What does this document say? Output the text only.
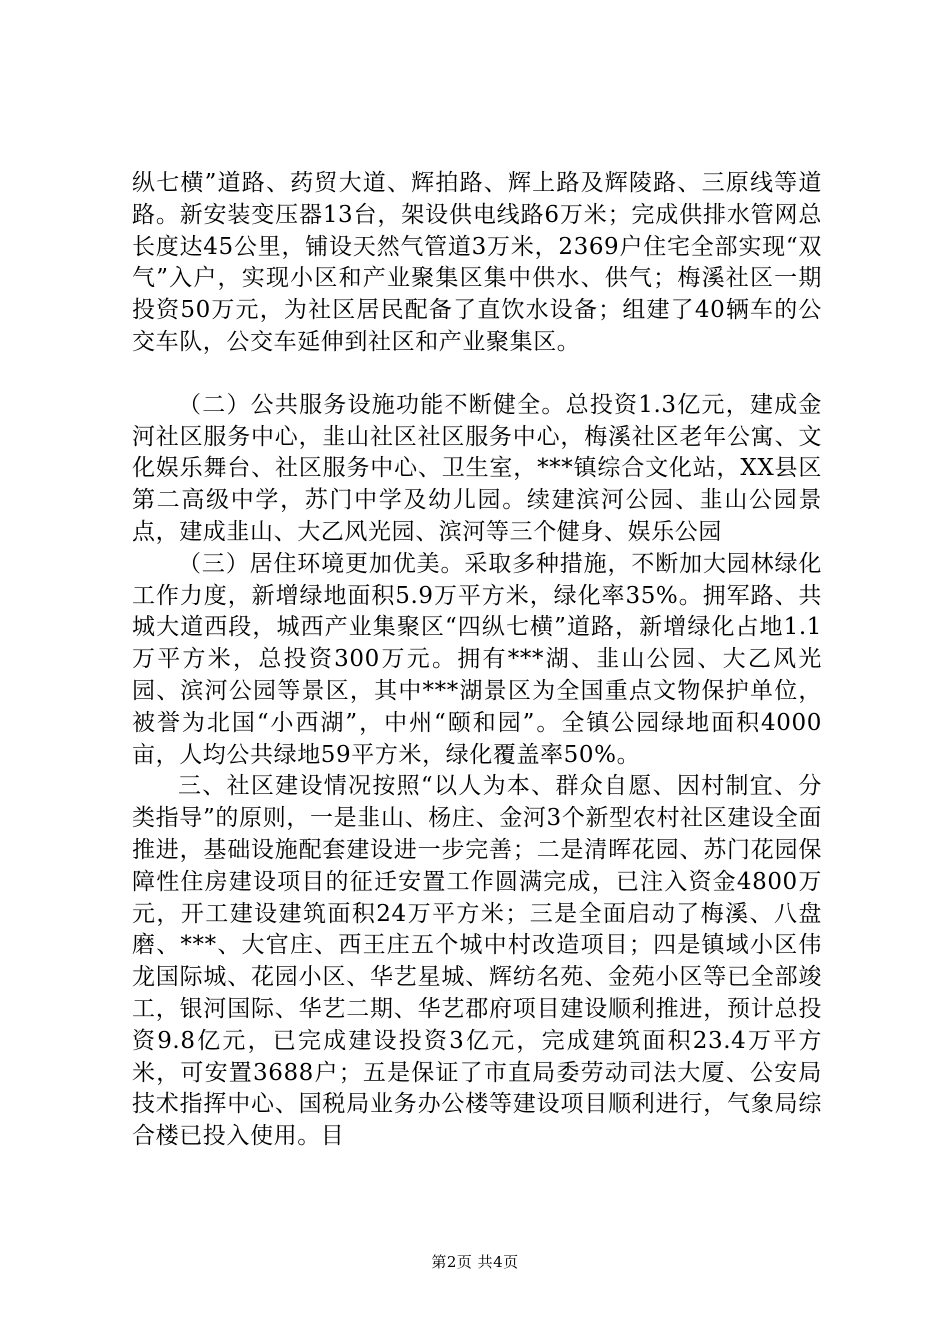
纵七横”道路、药贸大道、辉拍路、辉上路及辉陵路、三原线等道路。新安装变压器13台，架设供电线路6万米；完成供排水管网总长度达45公里，铺设天然气管道3万米，2369户住宅全部实现“双气”入户，实现小区和产业聚集区集中供水、供气；梅溪社区一期投资50万元，为社区居民配备了直饮水设备；组建了40辆车的公交车队，公交车延伸到社区和产业聚集区。

（二）公共服务设施功能不断健全。总投资1.3亿元，建成金河社区服务中心，韭山社区社区服务中心，梅溪社区老年公寓、文化娱乐舞台、社区服务中心、卫生室，***镇综合文化站，XX县区第二高级中学，苏门中学及幼儿园。续建滨河公园、韭山公园景点，建成韭山、大乙风光园、滨河等三个健身、娱乐公园

（三）居住环境更加优美。采取多种措施，不断加大园林绿化工作力度，新增绿地面积5.9万平方米，绿化率35%。拥军路、共城大道西段，城西产业集聚区“四纵七横”道路，新增绿化占地1.1万平方米，总投资300万元。拥有***湖、韭山公园、大乙风光园、滨河公园等景区，其中***湖景区为全国重点文物保护单位，被誉为北国“小西湖”，中州“颐和园”。全镇公园绿地面积4000亩，人均公共绿地59平方米，绿化覆盖率50%。

三、社区建设情况按照“以人为本、群众自愿、因村制宜、分类指导”的原则，一是韭山、杨庄、金河3个新型农村社区建设全面推进，基础设施配套建设进一步完善；二是清晖花园、苏门花园保障性住房建设项目的征迁安置工作圆满完成，已注入资金4800万元，开工建设建筑面积24万平方米；三是全面启动了梅溪、八盘磨、***、大官庄、西王庄五个城中村改造项目；四是镇域小区伟龙国际城、花园小区、华艺星城、辉纺名苑、金苑小区等已全部竣工，银河国际、华艺二期、华艺郡府项目建设顺利推进，预计总投资9.8亿元，已完成建设投资3亿元，完成建筑面积23.4万平方米，可安置3688户；五是保证了市直局委劳动司法大厦、公安局技术指挥中心、国税局业务办公楼等建设项目顺利进行，气象局综合楼已投入使用。目

第2页 共4页
